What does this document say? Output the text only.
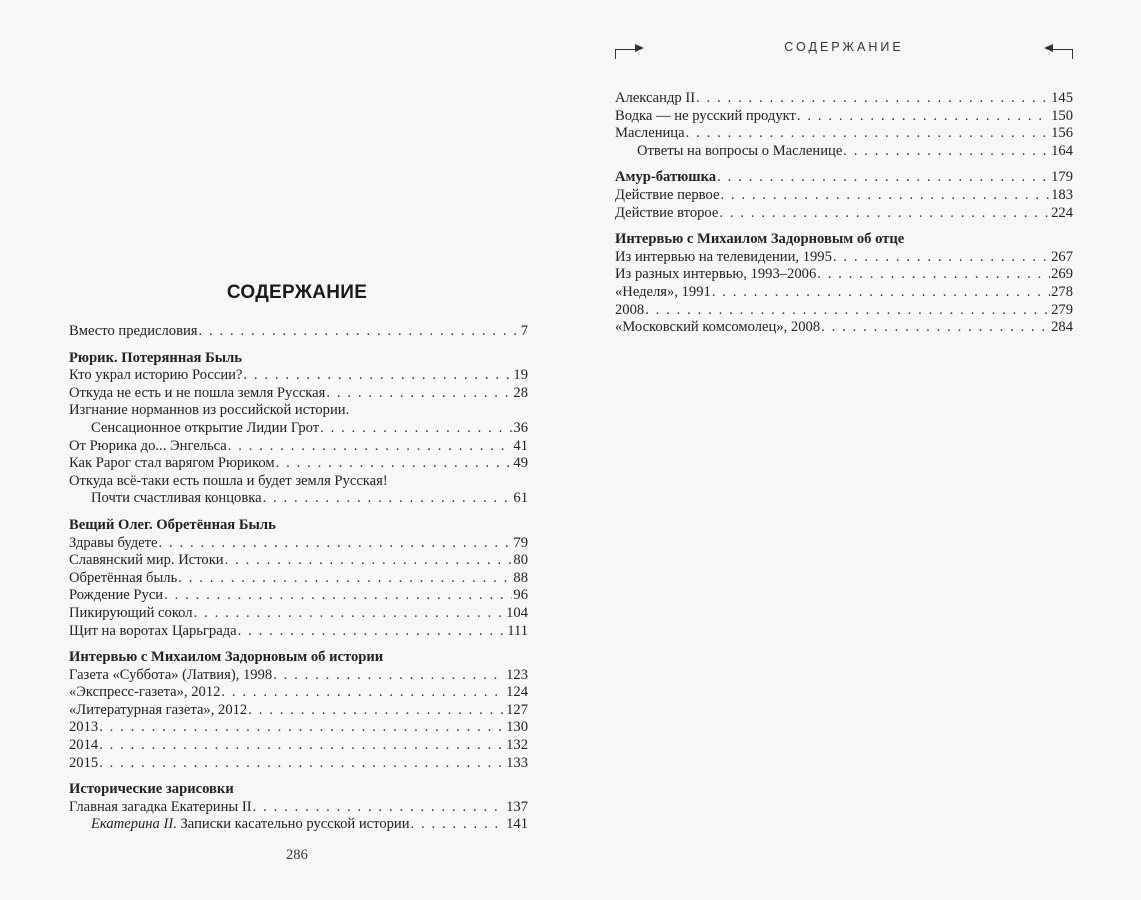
СОДЕРЖАНИЕ
Вместо предисловия . . .	7
Рюрик. Потерянная Быль
Кто украл историю России? . . .	19
Откуда не есть и не пошла земля Русская . . .	28
Изгнание норманнов из российской истории.
Сенсационное открытие Лидии Грот . . .	36
От Рюрика до... Энгельса . . .	41
Как Рарог стал варягом Рюриком . . .	49
Откуда всё-таки есть пошла и будет земля Русская!
Почти счастливая концовка . . .	61
Вещий Олег. Обретённая Быль
Здравы будете . . .	79
Славянский мир. Истоки . . .	80
Обретённая быль . . .	88
Рождение Руси . . .	96
Пикирующий сокол . . .	104
Щит на воротах Царьграда . . .	111
Интервью с Михаилом Задорновым об истории
Газета «Суббота» (Латвия), 1998 . . .	123
«Экспресс-газета», 2012 . . .	124
«Литературная газета», 2012 . . .	127
2013 . . .	130
2014 . . .	132
2015 . . .	133
Исторические зарисовки
Главная загадка Екатерины II . . .	137
Екатерина II. Записки касательно русской истории . . .	141
286
СОДЕРЖАНИЕ
Александр II . . .	145
Водка — не русский продукт . . .	150
Масленица . . .	156
Ответы на вопросы о Масленице . . .	164
Амур-батюшка . . .	179
Действие первое . . .	183
Действие второе . . .	224
Интервью с Михаилом Задорновым об отце
Из интервью на телевидении, 1995 . . .	267
Из разных интервью, 1993–2006 . . .	269
«Неделя», 1991 . . .	278
2008 . . .	279
«Московский комсомолец», 2008 . . .	284
